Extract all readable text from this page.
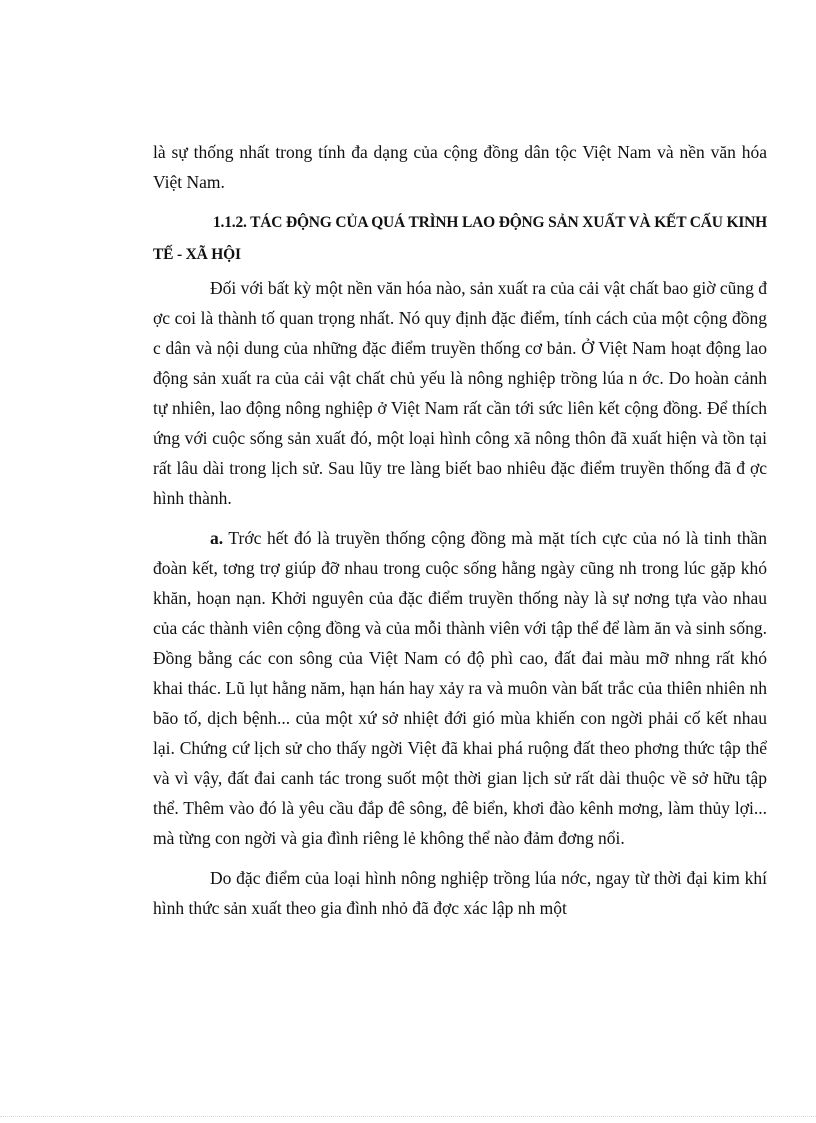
là sự thống nhất trong tính đa dạng của cộng đồng dân tộc Việt Nam và nền văn hóa Việt Nam.

1.1.2. TÁC ĐỘNG CỦA QUÁ TRÌNH LAO ĐỘNG SẢN XUẤT VÀ KẾT CẤU KINH TẾ - XÃ HỘI

Đối với bất kỳ một nền văn hóa nào, sản xuất ra của cải vật chất bao giờ cũng đ ợc coi là thành tố quan trọng nhất. Nó quy định đặc điểm, tính cách của một cộng đồng c dân và nội dung của những đặc điểm truyền thống cơ bản. Ở Việt Nam hoạt động lao động sản xuất ra của cải vật chất chủ yếu là nông nghiệp trồng lúa n ớc. Do hoàn cảnh tự nhiên, lao động nông nghiệp ở Việt Nam rất cần tới sức liên kết cộng đồng. Để thích ứng với cuộc sống sản xuất đó, một loại hình công xã nông thôn đã xuất hiện và tồn tại rất lâu dài trong lịch sử. Sau lũy tre làng biết bao nhiêu đặc điểm truyền thống đã đ ợc hình thành.

a. Trớc hết đó là truyền thống cộng đồng mà mặt tích cực của nó là tinh thần đoàn kết, tơng trợ giúp đỡ nhau trong cuộc sống hằng ngày cũng nh trong lúc gặp khó khăn, hoạn nạn. Khởi nguyên của đặc điểm truyền thống này là sự nơng tựa vào nhau của các thành viên cộng đồng và của mỗi thành viên với tập thể để làm ăn và sinh sống. Đồng bằng các con sông của Việt Nam có độ phì cao, đất đai màu mỡ nhng rất khó khai thác. Lũ lụt hằng năm, hạn hán hay xảy ra và muôn vàn bất trắc của thiên nhiên nh bão tố, dịch bệnh... của một xứ sở nhiệt đới gió mùa khiến con ngời phải cố kết nhau lại. Chứng cứ lịch sử cho thấy ngời Việt đã khai phá ruộng đất theo phơng thức tập thể và vì vậy, đất đai canh tác trong suốt một thời gian lịch sử rất dài thuộc về sở hữu tập thể. Thêm vào đó là yêu cầu đắp đê sông, đê biển, khơi đào kênh mơng, làm thủy lợi... mà từng con ngời và gia đình riêng lẻ không thể nào đảm đơng nổi.

Do đặc điểm của loại hình nông nghiệp trồng lúa nớc, ngay từ thời đại kim khí hình thức sản xuất theo gia đình nhỏ đã đợc xác lập nh một
